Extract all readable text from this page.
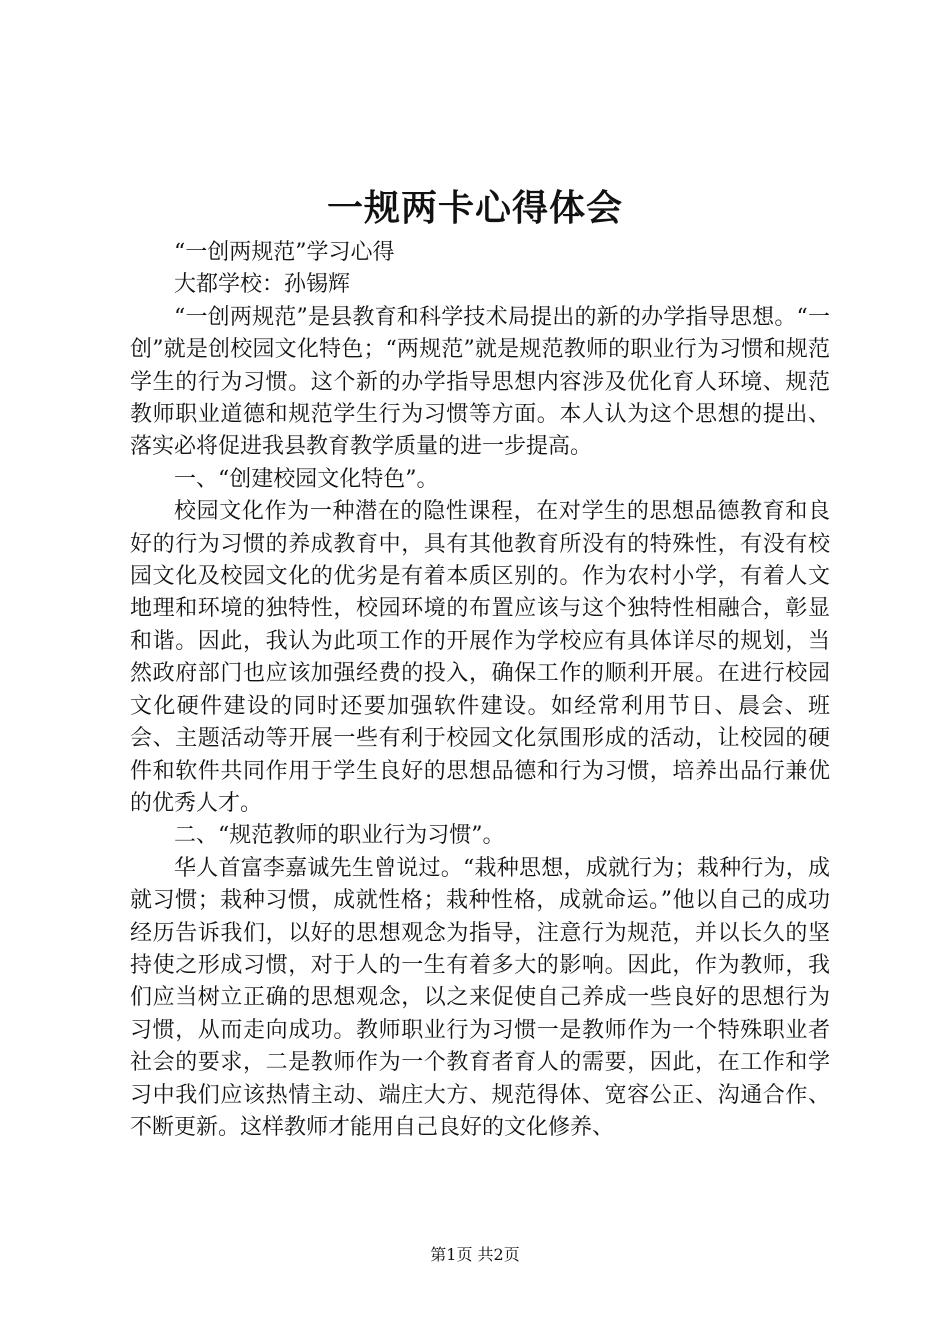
一规两卡心得体会

“一创两规范”学习心得

大都学校：孙锡辉

“一创两规范”是县教育和科学技术局提出的新的办学指导思想。“一创”就是创校园文化特色；“两规范”就是规范教师的职业行为习惯和规范学生的行为习惯。这个新的办学指导思想内容涉及优化育人环境、规范教师职业道德和规范学生行为习惯等方面。本人认为这个思想的提出、落实必将促进我县教育教学质量的进一步提高。

一、“创建校园文化特色”。

校园文化作为一种潜在的隐性课程，在对学生的思想品德教育和良好的行为习惯的养成教育中，具有其他教育所没有的特殊性，有没有校园文化及校园文化的优劣是有着本质区别的。作为农村小学，有着人文地理和环境的独特性，校园环境的布置应该与这个独特性相融合，彰显和谐。因此，我认为此项工作的开展作为学校应有具体详尽的规划，当然政府部门也应该加强经费的投入，确保工作的顺利开展。在进行校园文化硬件建设的同时还要加强软件建设。如经常利用节日、晨会、班会、主题活动等开展一些有利于校园文化氛围形成的活动，让校园的硬件和软件共同作用于学生良好的思想品德和行为习惯，培养出品行兼优的优秀人才。

二、“规范教师的职业行为习惯”。

华人首富李嘉诚先生曾说过。“栽种思想，成就行为；栽种行为，成就习惯；栽种习惯，成就性格；栽种性格，成就命运。”他以自己的成功经历告诉我们，以好的思想观念为指导，注意行为规范，并以长久的坚持使之形成习惯，对于人的一生有着多大的影响。因此，作为教师，我们应当树立正确的思想观念，以之来促使自己养成一些良好的思想行为习惯，从而走向成功。教师职业行为习惯一是教师作为一个特殊职业者社会的要求，二是教师作为一个教育者育人的需要，因此，在工作和学习中我们应该热情主动、端庄大方、规范得体、宽容公正、沟通合作、不断更新。这样教师才能用自己良好的文化修养、

第1页 共2页
